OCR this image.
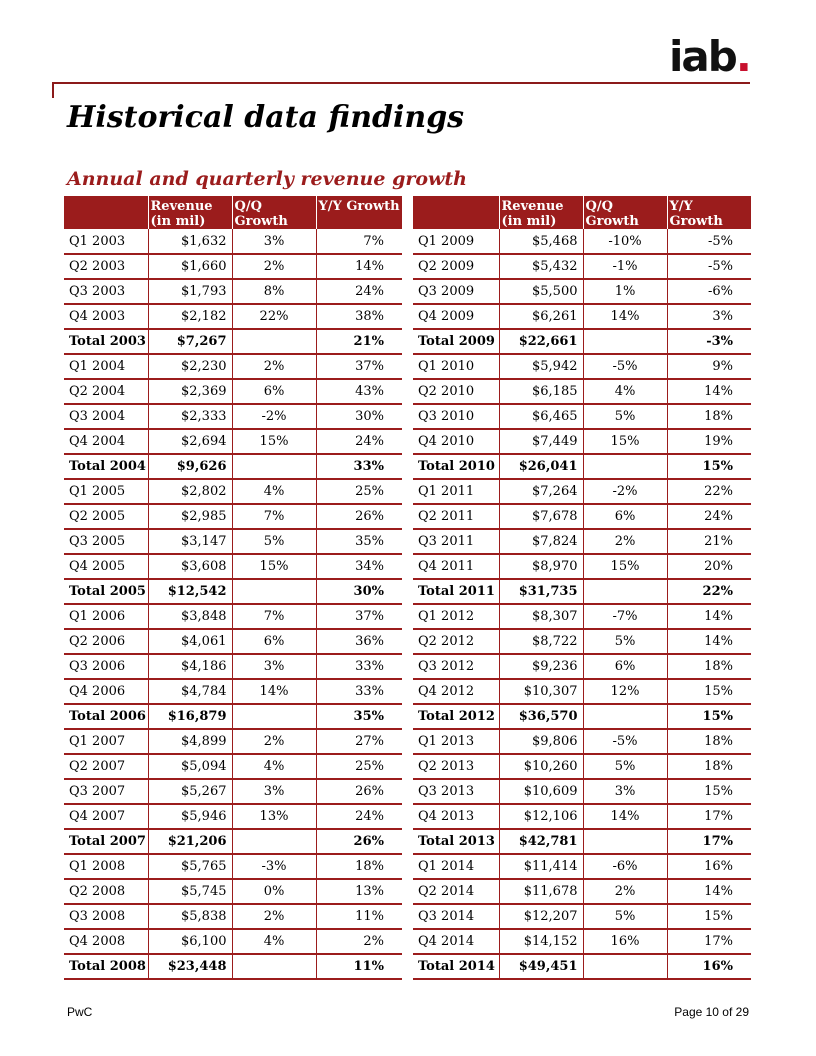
iab.
Historical data findings
Annual and quarterly revenue growth
	Revenue (in mil)	Q/Q Growth	Y/Y Growth
Q1 2003	$1,632	3%	7%
Q2 2003	$1,660	2%	14%
Q3 2003	$1,793	8%	24%
Q4 2003	$2,182	22%	38%
Total 2003	$7,267		21%
Q1 2004	$2,230	2%	37%
Q2 2004	$2,369	6%	43%
Q3 2004	$2,333	-2%	30%
Q4 2004	$2,694	15%	24%
Total 2004	$9,626		33%
Q1 2005	$2,802	4%	25%
Q2 2005	$2,985	7%	26%
Q3 2005	$3,147	5%	35%
Q4 2005	$3,608	15%	34%
Total 2005	$12,542		30%
Q1 2006	$3,848	7%	37%
Q2 2006	$4,061	6%	36%
Q3 2006	$4,186	3%	33%
Q4 2006	$4,784	14%	33%
Total 2006	$16,879		35%
Q1 2007	$4,899	2%	27%
Q2 2007	$5,094	4%	25%
Q3 2007	$5,267	3%	26%
Q4 2007	$5,946	13%	24%
Total 2007	$21,206		26%
Q1 2008	$5,765	-3%	18%
Q2 2008	$5,745	0%	13%
Q3 2008	$5,838	2%	11%
Q4 2008	$6,100	4%	2%
Total 2008	$23,448		11%
	Revenue (in mil)	Q/Q Growth	Y/Y Growth
Q1 2009	$5,468	-10%	-5%
Q2 2009	$5,432	-1%	-5%
Q3 2009	$5,500	1%	-6%
Q4 2009	$6,261	14%	3%
Total 2009	$22,661		-3%
Q1 2010	$5,942	-5%	9%
Q2 2010	$6,185	4%	14%
Q3 2010	$6,465	5%	18%
Q4 2010	$7,449	15%	19%
Total 2010	$26,041		15%
Q1 2011	$7,264	-2%	22%
Q2 2011	$7,678	6%	24%
Q3 2011	$7,824	2%	21%
Q4 2011	$8,970	15%	20%
Total 2011	$31,735		22%
Q1 2012	$8,307	-7%	14%
Q2 2012	$8,722	5%	14%
Q3 2012	$9,236	6%	18%
Q4 2012	$10,307	12%	15%
Total 2012	$36,570		15%
Q1 2013	$9,806	-5%	18%
Q2 2013	$10,260	5%	18%
Q3 2013	$10,609	3%	15%
Q4 2013	$12,106	14%	17%
Total 2013	$42,781		17%
Q1 2014	$11,414	-6%	16%
Q2 2014	$11,678	2%	14%
Q3 2014	$12,207	5%	15%
Q4 2014	$14,152	16%	17%
Total 2014	$49,451		16%
PwC	Page 10 of 29
